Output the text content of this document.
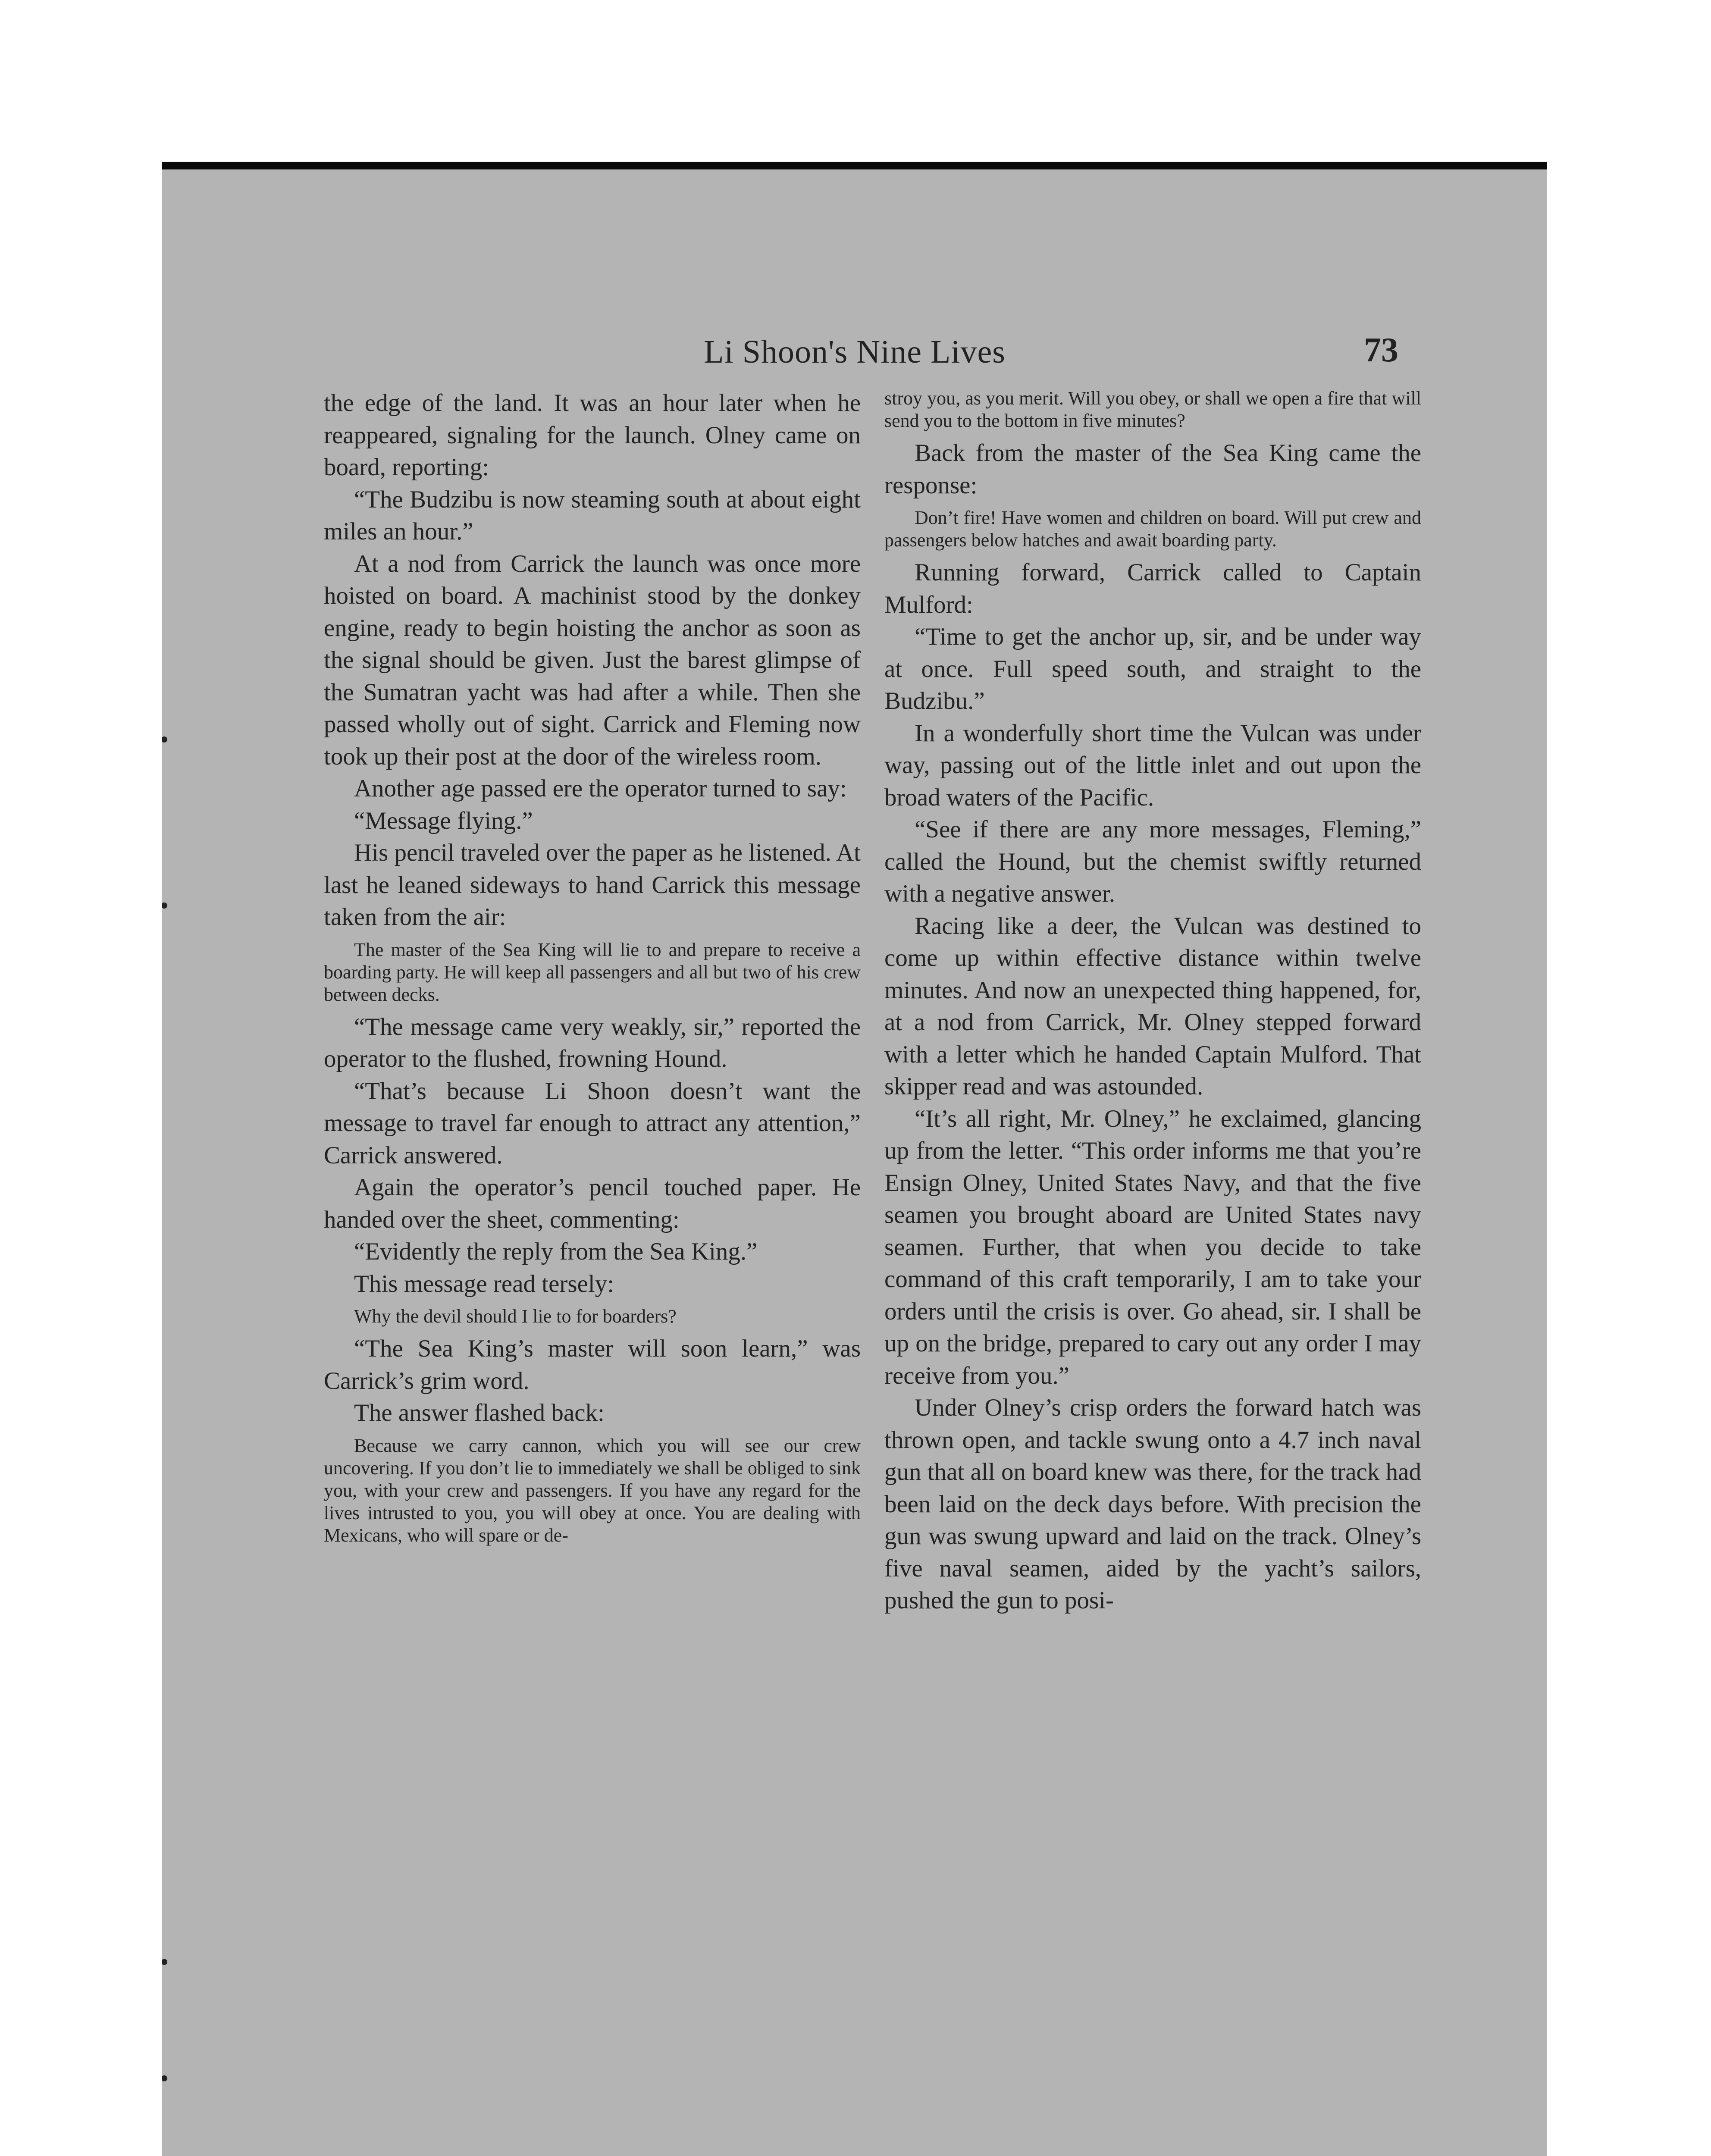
Li Shoon's Nine Lives	73

the edge of the land. It was an hour later when he reappeared, signaling for the launch. Olney came on board, reporting:

“The Budzibu is now steaming south at about eight miles an hour.”

At a nod from Carrick the launch was once more hoisted on board. A machinist stood by the donkey engine, ready to begin hoisting the anchor as soon as the signal should be given. Just the barest glimpse of the Sumatran yacht was had after a while. Then she passed wholly out of sight. Carrick and Fleming now took up their post at the door of the wireless room.

Another age passed ere the operator turned to say:

“Message flying.”

His pencil traveled over the paper as he listened. At last he leaned sideways to hand Carrick this message taken from the air:

The master of the Sea King will lie to and prepare to receive a boarding party. He will keep all passengers and all but two of his crew between decks.

“The message came very weakly, sir,” reported the operator to the flushed, frowning Hound.

“That’s because Li Shoon doesn’t want the message to travel far enough to attract any attention,” Carrick answered.

Again the operator’s pencil touched paper. He handed over the sheet, commenting:

“Evidently the reply from the Sea King.”

This message read tersely:

Why the devil should I lie to for boarders?

“The Sea King’s master will soon learn,” was Carrick’s grim word.

The answer flashed back:

Because we carry cannon, which you will see our crew uncovering. If you don’t lie to immediately we shall be obliged to sink you, with your crew and passengers. If you have any regard for the lives intrusted to you, you will obey at once. You are dealing with Mexicans, who will spare or de-

stroy you, as you merit. Will you obey, or shall we open a fire that will send you to the bottom in five minutes?

Back from the master of the Sea King came the response:

Don’t fire! Have women and children on board. Will put crew and passengers below hatches and await boarding party.

Running forward, Carrick called to Captain Mulford:

“Time to get the anchor up, sir, and be under way at once. Full speed south, and straight to the Budzibu.”

In a wonderfully short time the Vulcan was under way, passing out of the little inlet and out upon the broad waters of the Pacific.

“See if there are any more messages, Fleming,” called the Hound, but the chemist swiftly returned with a negative answer.

Racing like a deer, the Vulcan was destined to come up within effective distance within twelve minutes. And now an unexpected thing happened, for, at a nod from Carrick, Mr. Olney stepped forward with a letter which he handed Captain Mulford. That skipper read and was astounded.

“It’s all right, Mr. Olney,” he exclaimed, glancing up from the letter. “This order informs me that you’re Ensign Olney, United States Navy, and that the five seamen you brought aboard are United States navy seamen. Further, that when you decide to take command of this craft temporarily, I am to take your orders until the crisis is over. Go ahead, sir. I shall be up on the bridge, prepared to cary out any order I may receive from you.”

Under Olney’s crisp orders the forward hatch was thrown open, and tackle swung onto a 4.7 inch naval gun that all on board knew was there, for the track had been laid on the deck days before. With precision the gun was swung upward and laid on the track. Olney’s five naval seamen, aided by the yacht’s sailors, pushed the gun to posi-
